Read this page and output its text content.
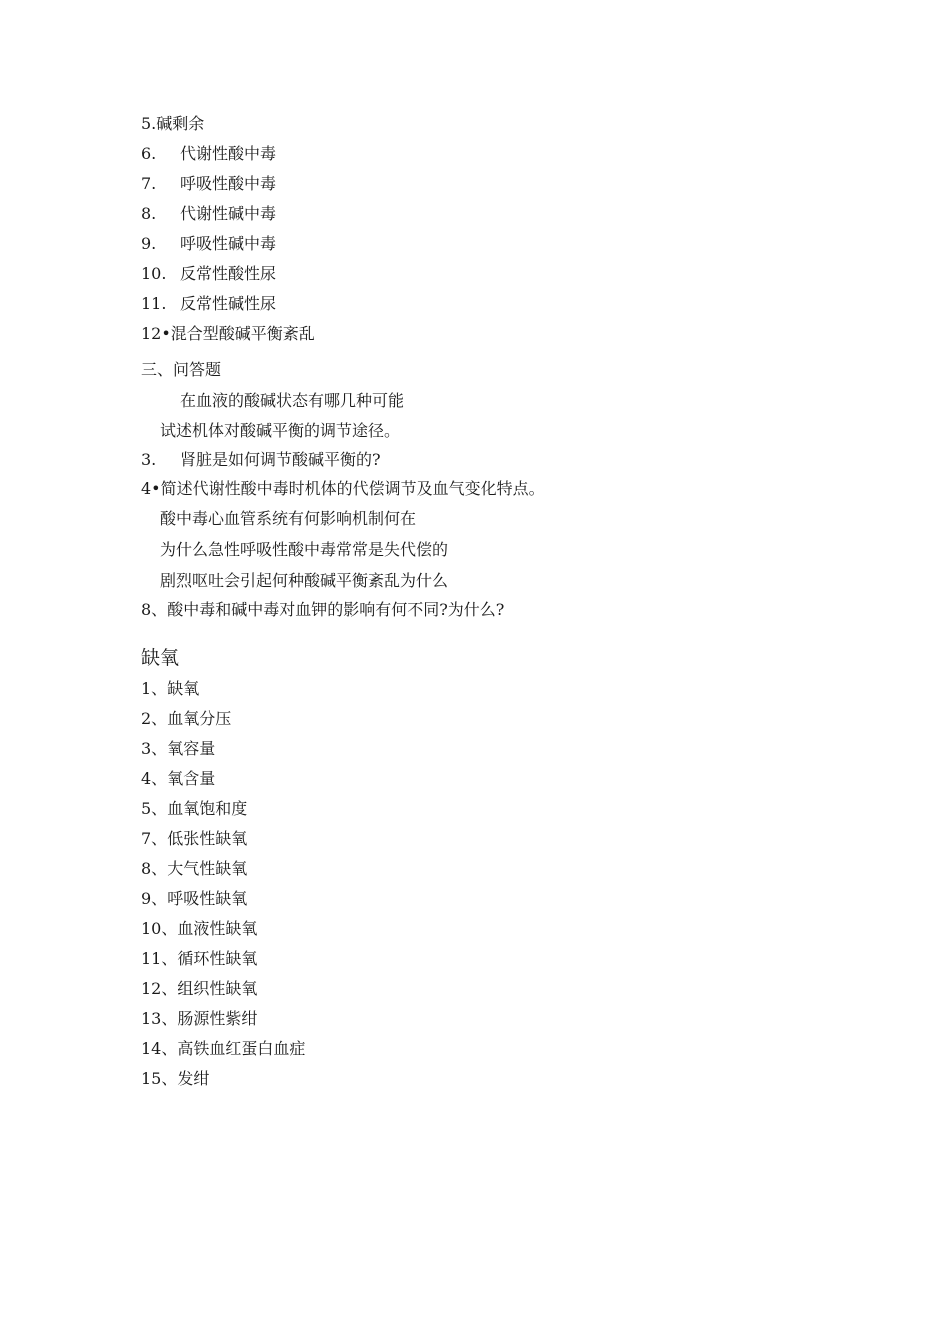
5.碱剩余
6. 代谢性酸中毒
7. 呼吸性酸中毒
8. 代谢性碱中毒
9. 呼吸性碱中毒
10. 反常性酸性尿
11. 反常性碱性尿
12•混合型酸碱平衡紊乱
三、问答题
在血液的酸碱状态有哪几种可能
试述机体对酸碱平衡的调节途径。
3. 肾脏是如何调节酸碱平衡的?
4•简述代谢性酸中毒时机体的代偿调节及血气变化特点。
酸中毒心血管系统有何影响机制何在
为什么急性呼吸性酸中毒常常是失代偿的
剧烈呕吐会引起何种酸碱平衡紊乱为什么
8、酸中毒和碱中毒对血钾的影响有何不同?为什么?
缺氧
1、缺氧
2、血氧分压
3、氧容量
4、氧含量
5、血氧饱和度
7、低张性缺氧
8、大气性缺氧
9、呼吸性缺氧
10、血液性缺氧
11、循环性缺氧
12、组织性缺氧
13、肠源性紫绀
14、高铁血红蛋白血症
15、发绀
